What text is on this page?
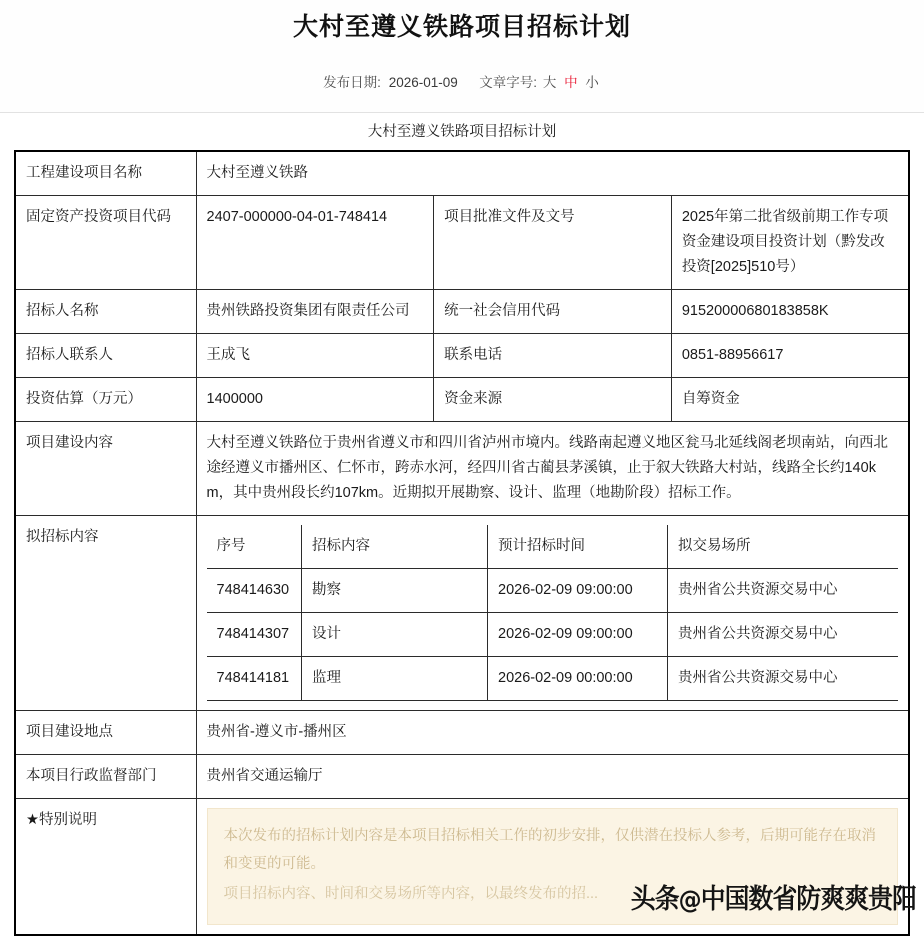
大村至遵义铁路项目招标计划
发布日期: 2026-01-09 文章字号: 大 中 小
大村至遵义铁路项目招标计划
工程建设项目名称	大村至遵义铁路
固定资产投资项目代码	2407-000000-04-01-748414	项目批准文件及文号	2025年第二批省级前期工作专项资金建设项目投资计划（黔发改投资[2025]510号）
招标人名称	贵州铁路投资集团有限责任公司	统一社会信用代码	91520000680183858K
招标人联系人	王成飞	联系电话	0851-88956617
投资估算（万元）	1400000	资金来源	自筹资金
项目建设内容	大村至遵义铁路位于贵州省遵义市和四川省泸州市境内。线路南起遵义地区瓮马北延线阁老坝南站，向西北途经遵义市播州区、仁怀市，跨赤水河，经四川省古蔺县茅溪镇，止于叙大铁路大村站，线路全长约140km，其中贵州段长约107km。近期拟开展勘察、设计、监理（地勘阶段）招标工作。
拟招标内容	
序号	招标内容	预计招标时间	拟交易场所
748414630	勘察	2026-02-09 09:00:00	贵州省公共资源交易中心
748414307	设计	2026-02-09 09:00:00	贵州省公共资源交易中心
748414181	监理	2026-02-09 00:00:00	贵州省公共资源交易中心

项目建设地点	贵州省-遵义市-播州区
本项目行政监督部门	贵州省交通运输厅
★特别说明	

本次发布的招标计划内容是本项目招标相关工作的初步安排，仅供潜在投标人参考，后期可能存在取消和变更的可能。

项目招标内容、时间和交易场所等内容，以最终发布的招...	头条@中国数省防爽爽贵阳
